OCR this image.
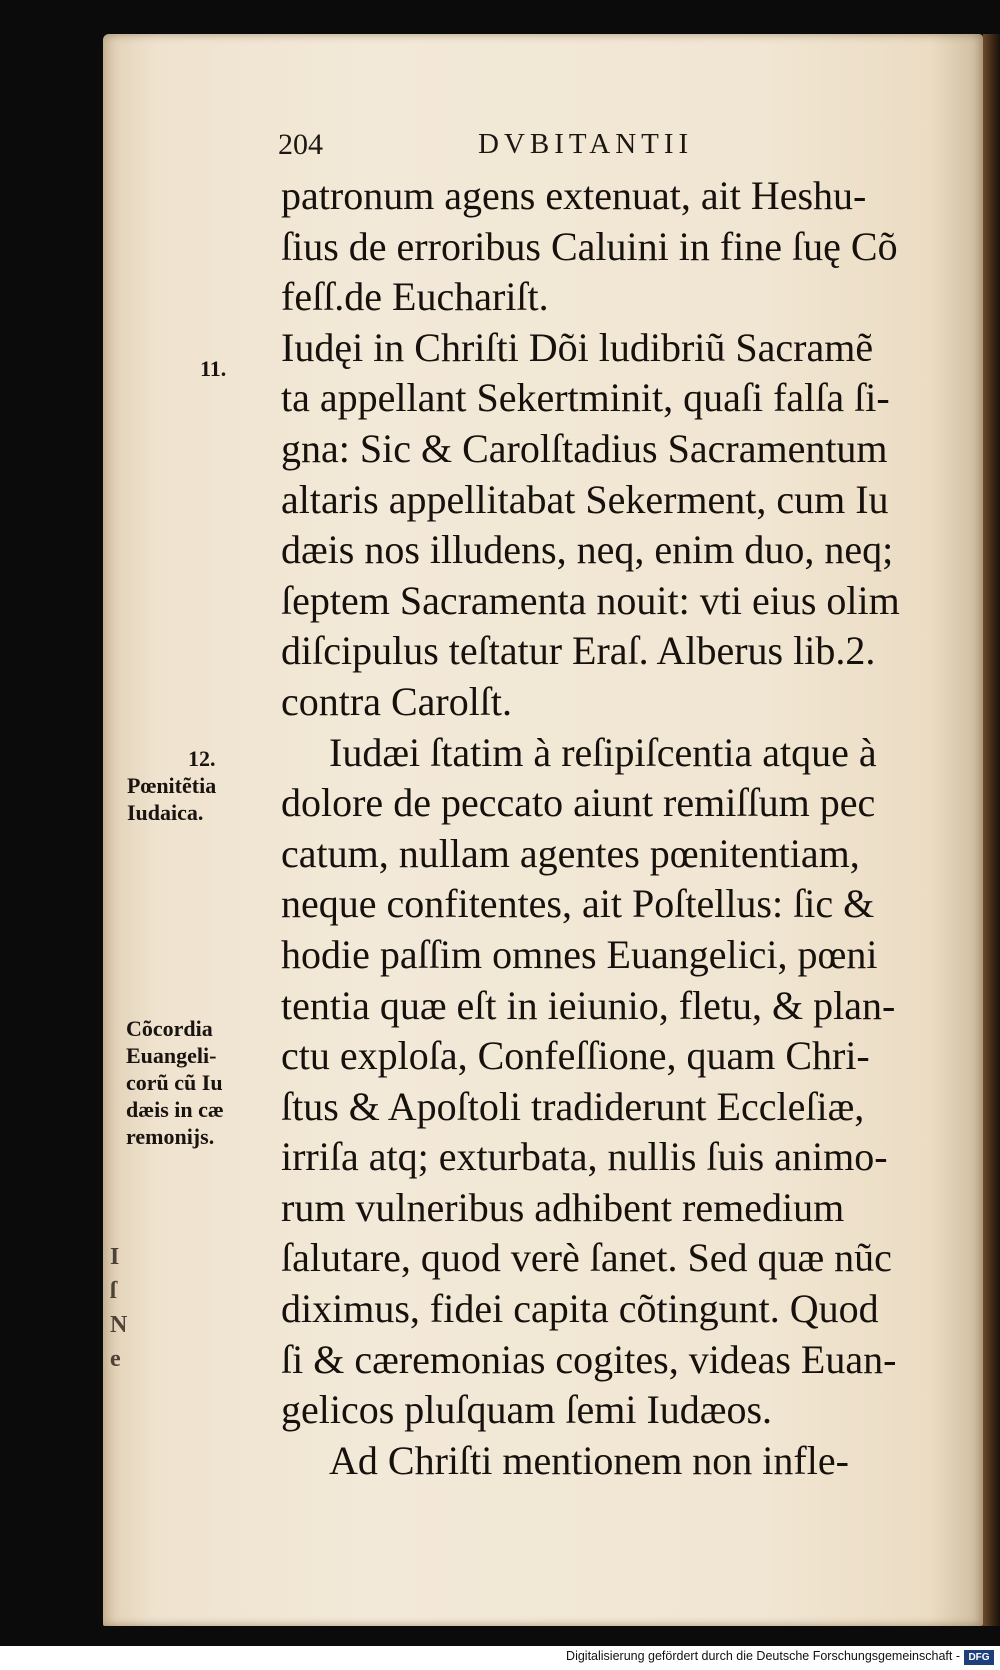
204	DVBITANTII
patronum agens extenuat, ait Heshu-
ſius de erroribus Caluini in fine ſuę Cõ
feſſ.de Euchariſt.
Iudęi in Chriſti Dõi ludibriũ Sacramẽ
ta appellant Sekertminit, quaſi falſa ſi-
gna: Sic & Carolſtadius Sacramentum
altaris appellitabat Sekerment, cum Iu
dæis nos illudens, neq, enim duo, neq;
ſeptem Sacramenta nouit: vti eius olim
diſcipulus teſtatur Eraſ. Alberus lib.2.
contra Carolſt.
Iudæi ſtatim à reſipiſcentia atque à
dolore de peccato aiunt remiſſum pec
catum, nullam agentes pœnitentiam,
neque confitentes, ait Poſtellus: ſic &
hodie paſſim omnes Euangelici, pœni
tentia quæ eſt in ieiunio, fletu, & plan-
ctu exploſa, Confeſſione, quam Chri-
ſtus & Apoſtoli tradiderunt Eccleſiæ,
irriſa atq; exturbata, nullis ſuis animo-
rum vulneribus adhibent remedium
ſalutare, quod verè ſanet. Sed quæ nũc
diximus, fidei capita cõtingunt. Quod
ſi & cæremonias cogites, videas Euan-
gelicos pluſquam ſemi Iudæos.
Ad Chriſti mentionem non infle-
11.
12.
Pœnitẽtia
Iudaica.
Cõcordia
Euangeli-
corũ cũ Iu
dæis in cæ
remonijs.
I
ſ
N
e
Digitalisierung gefördert durch die Deutsche Forschungsgemeinschaft - DFG
